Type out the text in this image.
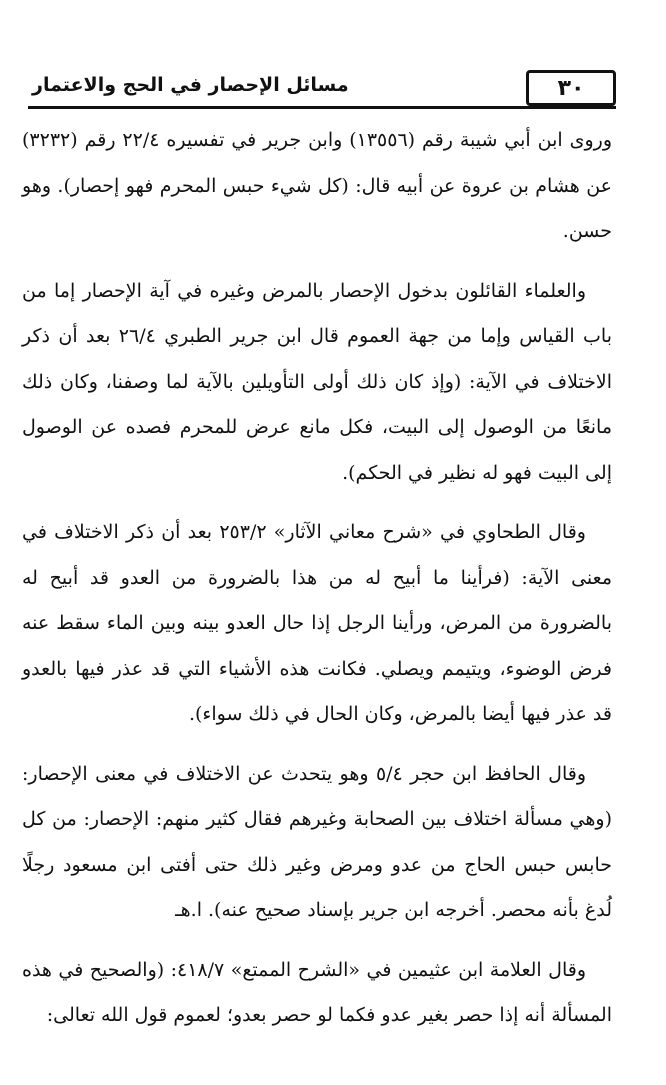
٣٠
مسائل الإحصار في الحج والاعتمار

وروى ابن أبي شيبة رقم (١٣٥٥٦) وابن جرير في تفسيره ٢٢/٤ رقم (٣٢٣٢) عن هشام بن عروة عن أبيه قال: (كل شيء حبس المحرم فهو إحصار). وهو حسن.

والعلماء القائلون بدخول الإحصار بالمرض وغيره في آية الإحصار إما من باب القياس وإما من جهة العموم قال ابن جرير الطبري ٢٦/٤ بعد أن ذكر الاختلاف في الآية: (وإذ كان ذلك أولى التأويلين بالآية لما وصفنا، وكان ذلك مانعًا من الوصول إلى البيت، فكل مانع عرض للمحرم فصده عن الوصول إلى البيت فهو له نظير في الحكم).

وقال الطحاوي في «شرح معاني الآثار» ٢٥٣/٢ بعد أن ذكر الاختلاف في معنى الآية: (فرأينا ما أبيح له من هذا بالضرورة من العدو قد أبيح له بالضرورة من المرض، ورأينا الرجل إذا حال العدو بينه وبين الماء سقط عنه فرض الوضوء، ويتيمم ويصلي. فكانت هذه الأشياء التي قد عذر فيها بالعدو قد عذر فيها أيضا بالمرض، وكان الحال في ذلك سواء).

وقال الحافظ ابن حجر ٥/٤ وهو يتحدث عن الاختلاف في معنى الإحصار: (وهي مسألة اختلاف بين الصحابة وغيرهم فقال كثير منهم: الإحصار: من كل حابس حبس الحاج من عدو ومرض وغير ذلك حتى أفتى ابن مسعود رجلًا لُدغ بأنه محصر. أخرجه ابن جرير بإسناد صحيح عنه). ا.هـ

وقال العلامة ابن عثيمين في «الشرح الممتع» ٤١٨/٧: (والصحيح في هذه المسألة أنه إذا حصر بغير عدو فكما لو حصر بعدو؛ لعموم قول الله تعالى:
